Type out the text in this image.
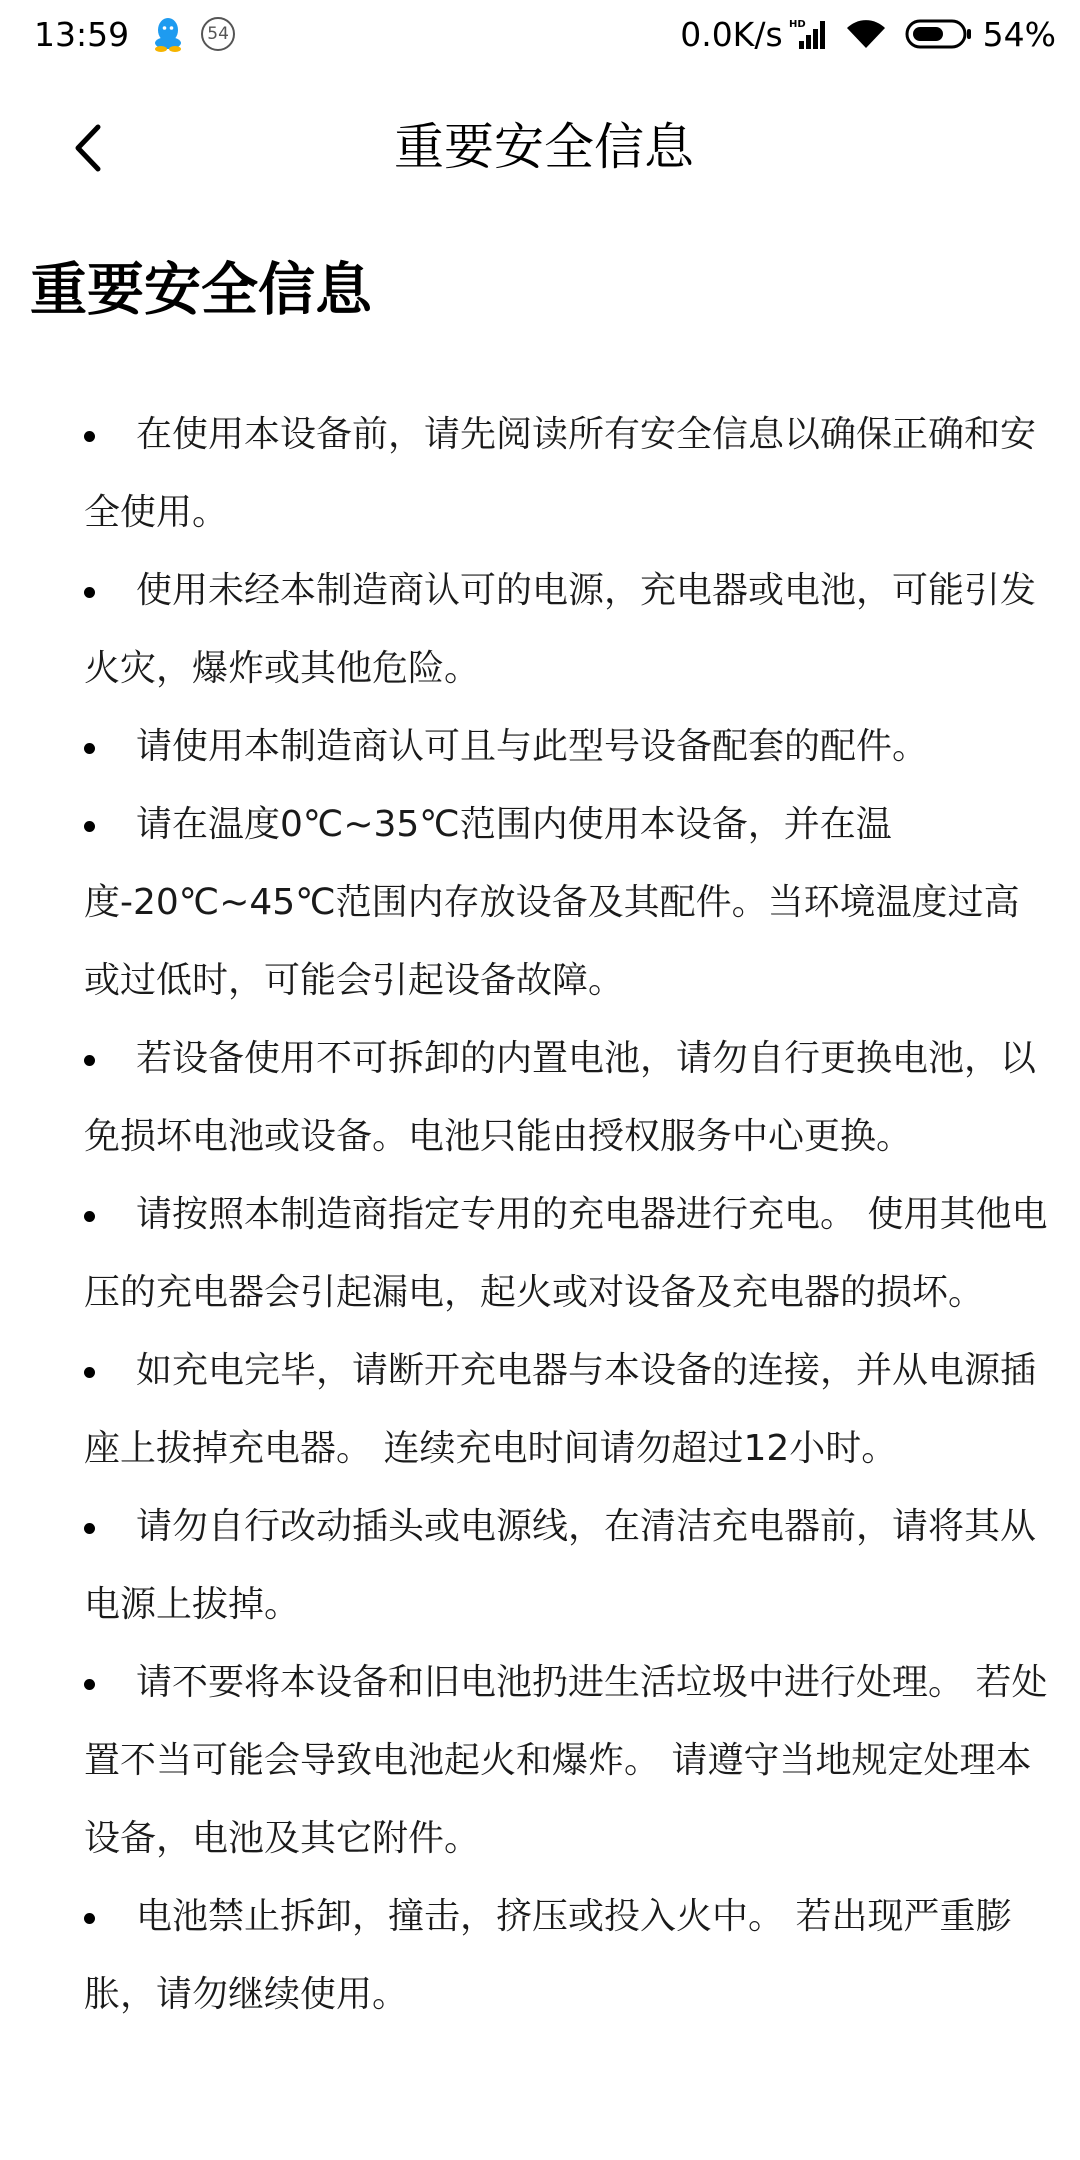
13:59	54	0.0K/s HD	54%
重要安全信息
重要安全信息
在使用本设备前，请先阅读所有安全信息以确保正确和安全使用。
使用未经本制造商认可的电源，充电器或电池，可能引发火灾，爆炸或其他危险。
请使用本制造商认可且与此型号设备配套的配件。
请在温度0℃~35℃范围内使用本设备，并在温度-20℃~45℃范围内存放设备及其配件。当环境温度过高或过低时，可能会引起设备故障。
若设备使用不可拆卸的内置电池，请勿自行更换电池，以免损坏电池或设备。电池只能由授权服务中心更换。
请按照本制造商指定专用的充电器进行充电。 使用其他电压的充电器会引起漏电，起火或对设备及充电器的损坏。
如充电完毕，请断开充电器与本设备的连接，并从电源插座上拔掉充电器。 连续充电时间请勿超过12小时。
请勿自行改动插头或电源线，在清洁充电器前，请将其从电源上拔掉。
请不要将本设备和旧电池扔进生活垃圾中进行处理。 若处置不当可能会导致电池起火和爆炸。 请遵守当地规定处理本设备，电池及其它附件。
电池禁止拆卸，撞击，挤压或投入火中。 若出现严重膨胀，请勿继续使用。
